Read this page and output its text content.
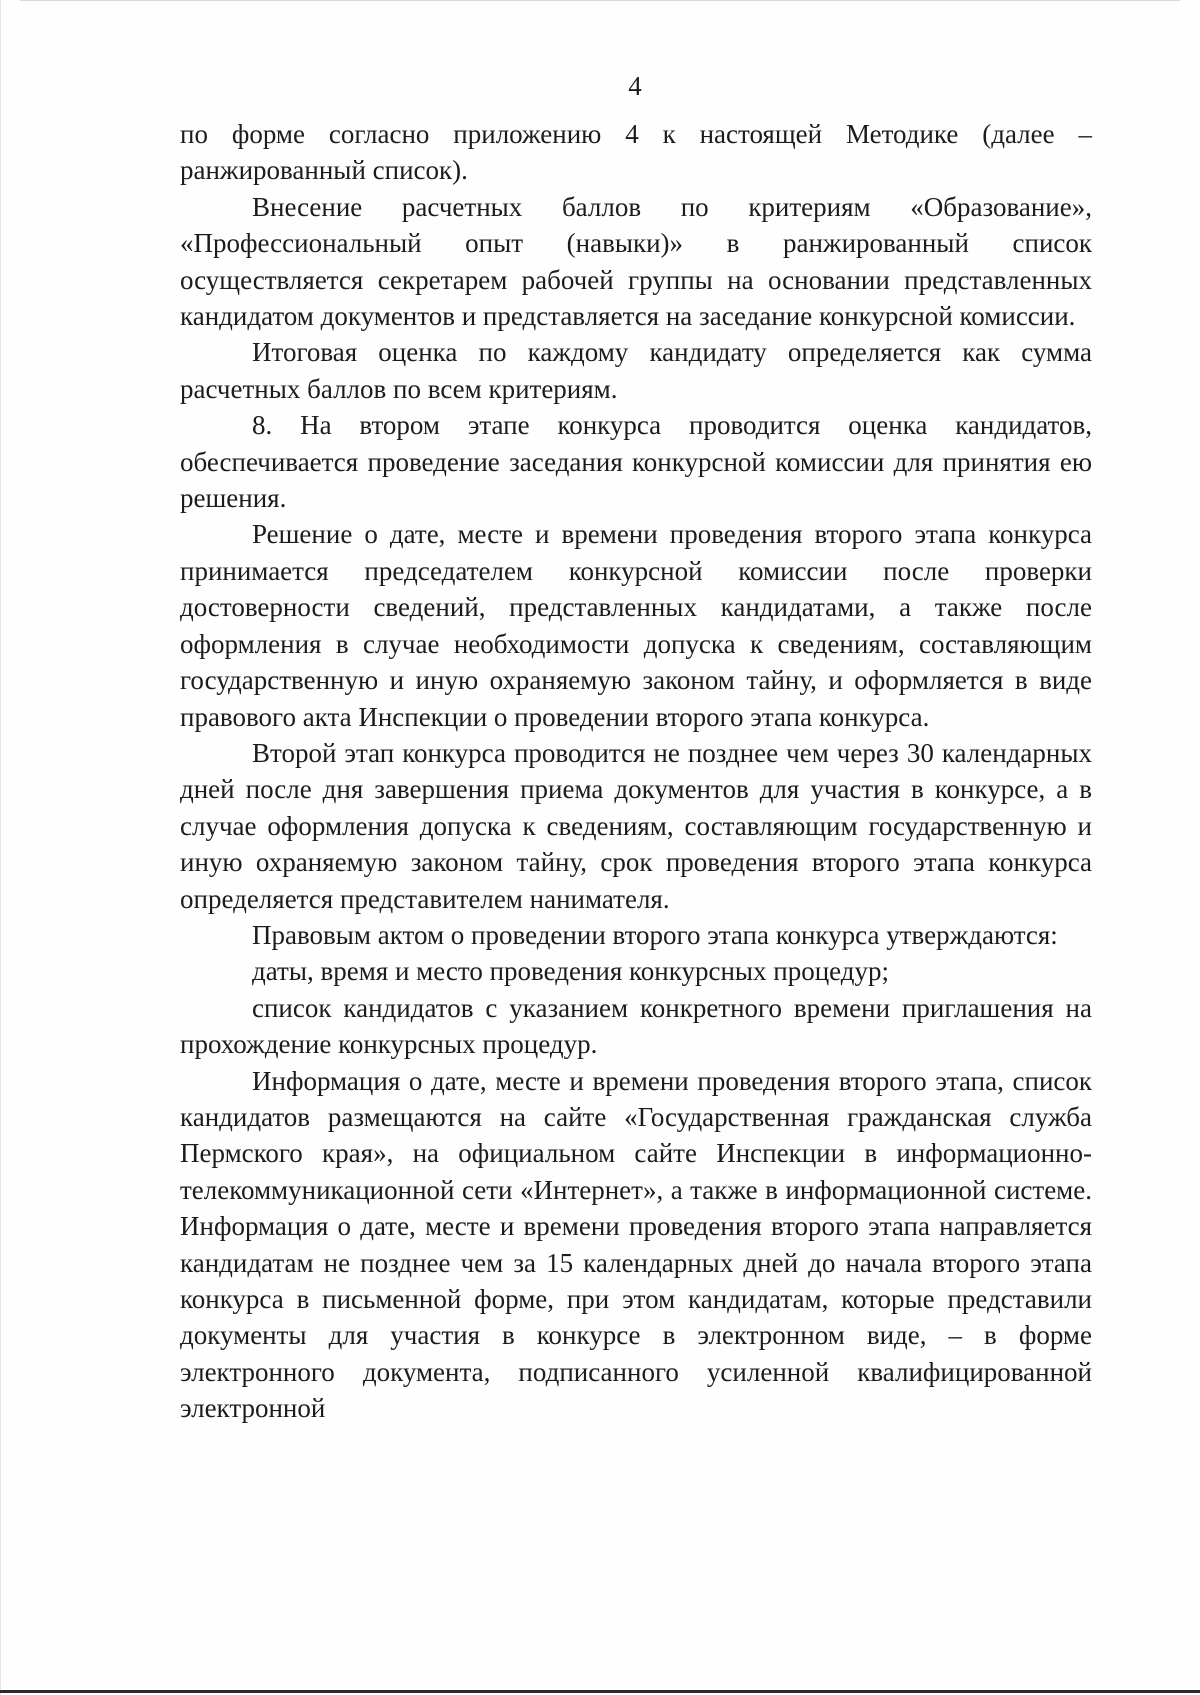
4

по форме согласно приложению 4 к настоящей Методике (далее – ранжированный список).

Внесение расчетных баллов по критериям «Образование», «Профессиональный опыт (навыки)» в ранжированный список осуществляется секретарем рабочей группы на основании представленных кандидатом документов и представляется на заседание конкурсной комиссии.

Итоговая оценка по каждому кандидату определяется как сумма расчетных баллов по всем критериям.

8. На втором этапе конкурса проводится оценка кандидатов, обеспечивается проведение заседания конкурсной комиссии для принятия ею решения.

Решение о дате, месте и времени проведения второго этапа конкурса принимается председателем конкурсной комиссии после проверки достоверности сведений, представленных кандидатами, а также после оформления в случае необходимости допуска к сведениям, составляющим государственную и иную охраняемую законом тайну, и оформляется в виде правового акта Инспекции о проведении второго этапа конкурса.

Второй этап конкурса проводится не позднее чем через 30 календарных дней после дня завершения приема документов для участия в конкурсе, а в случае оформления допуска к сведениям, составляющим государственную и иную охраняемую законом тайну, срок проведения второго этапа конкурса определяется представителем нанимателя.

Правовым актом о проведении второго этапа конкурса утверждаются:

даты, время и место проведения конкурсных процедур;

список кандидатов с указанием конкретного времени приглашения на прохождение конкурсных процедур.

Информация о дате, месте и времени проведения второго этапа, список кандидатов размещаются на сайте «Государственная гражданская служба Пермского края», на официальном сайте Инспекции в информационно-телекоммуникационной сети «Интернет», а также в информационной системе. Информация о дате, месте и времени проведения второго этапа направляется кандидатам не позднее чем за 15 календарных дней до начала второго этапа конкурса в письменной форме, при этом кандидатам, которые представили документы для участия в конкурсе в электронном виде, – в форме электронного документа, подписанного усиленной квалифицированной электронной
